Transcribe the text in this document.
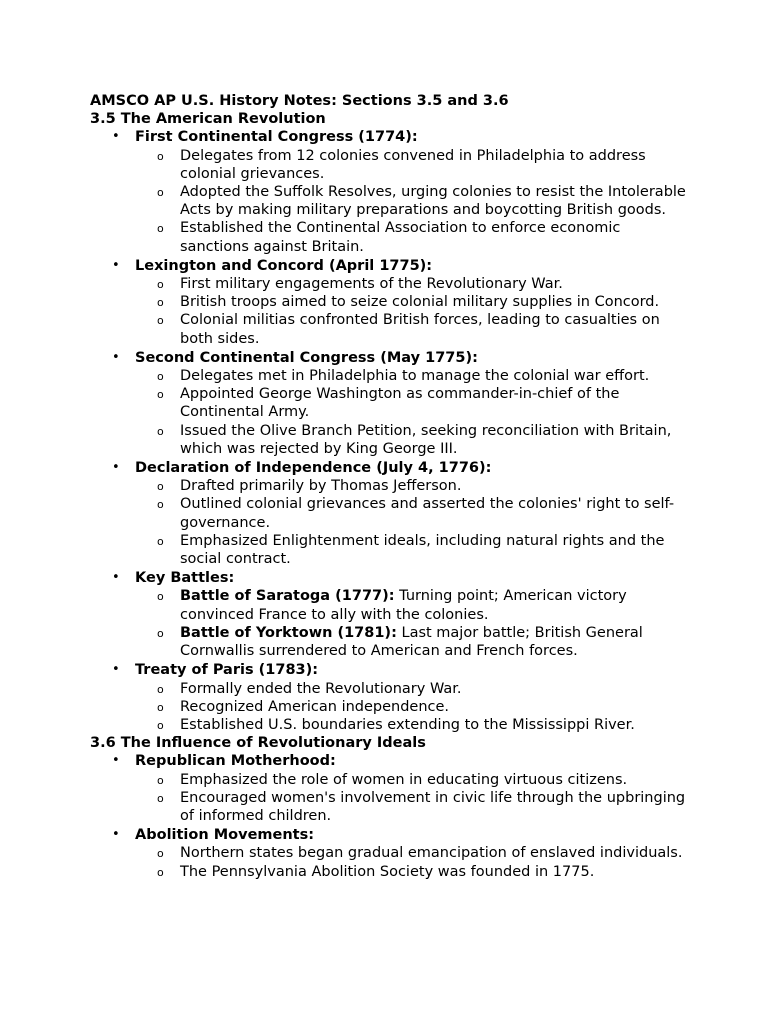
AMSCO AP U.S. History Notes: Sections 3.5 and 3.6
3.5 The American Revolution
• First Continental Congress (1774):
o Delegates from 12 colonies convened in Philadelphia to address colonial grievances.
o Adopted the Suffolk Resolves, urging colonies to resist the Intolerable Acts by making military preparations and boycotting British goods.
o Established the Continental Association to enforce economic sanctions against Britain.
• Lexington and Concord (April 1775):
o First military engagements of the Revolutionary War.
o British troops aimed to seize colonial military supplies in Concord.
o Colonial militias confronted British forces, leading to casualties on both sides.
• Second Continental Congress (May 1775):
o Delegates met in Philadelphia to manage the colonial war effort.
o Appointed George Washington as commander-in-chief of the Continental Army.
o Issued the Olive Branch Petition, seeking reconciliation with Britain, which was rejected by King George III.
• Declaration of Independence (July 4, 1776):
o Drafted primarily by Thomas Jefferson.
o Outlined colonial grievances and asserted the colonies' right to self-governance.
o Emphasized Enlightenment ideals, including natural rights and the social contract.
• Key Battles:
o Battle of Saratoga (1777): Turning point; American victory convinced France to ally with the colonies.
o Battle of Yorktown (1781): Last major battle; British General Cornwallis surrendered to American and French forces.
• Treaty of Paris (1783):
o Formally ended the Revolutionary War.
o Recognized American independence.
o Established U.S. boundaries extending to the Mississippi River.
3.6 The Influence of Revolutionary Ideals
• Republican Motherhood:
o Emphasized the role of women in educating virtuous citizens.
o Encouraged women's involvement in civic life through the upbringing of informed children.
• Abolition Movements:
o Northern states began gradual emancipation of enslaved individuals.
o The Pennsylvania Abolition Society was founded in 1775.
